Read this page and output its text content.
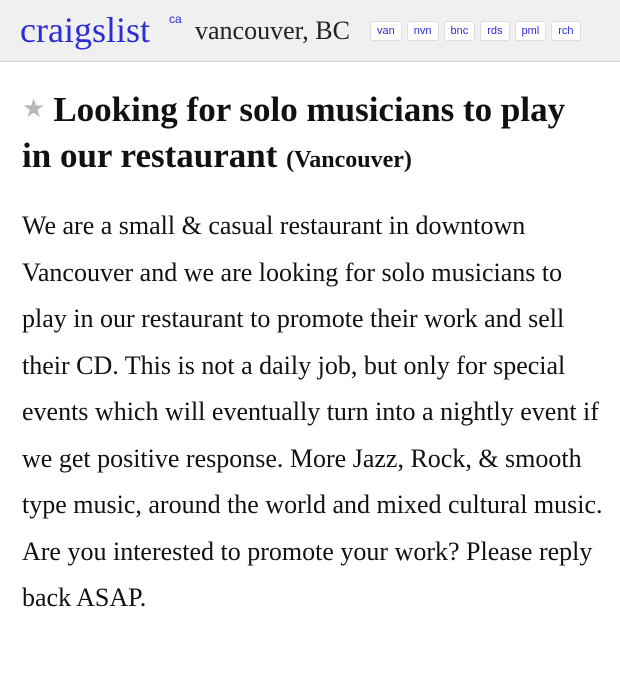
craigslist ca vancouver, BC	van	nvn	bnc	rds	pml	rch
★ Looking for solo musicians to play in our restaurant (Vancouver)

We are a small & casual restaurant in downtown Vancouver and we are looking for solo musicians to play in our restaurant to promote their work and sell their CD. This is not a daily job, but only for special events which will eventually turn into a nightly event if we get positive response. More Jazz, Rock, & smooth type music, around the world and mixed cultural music. Are you interested to promote your work? Please reply back ASAP.
